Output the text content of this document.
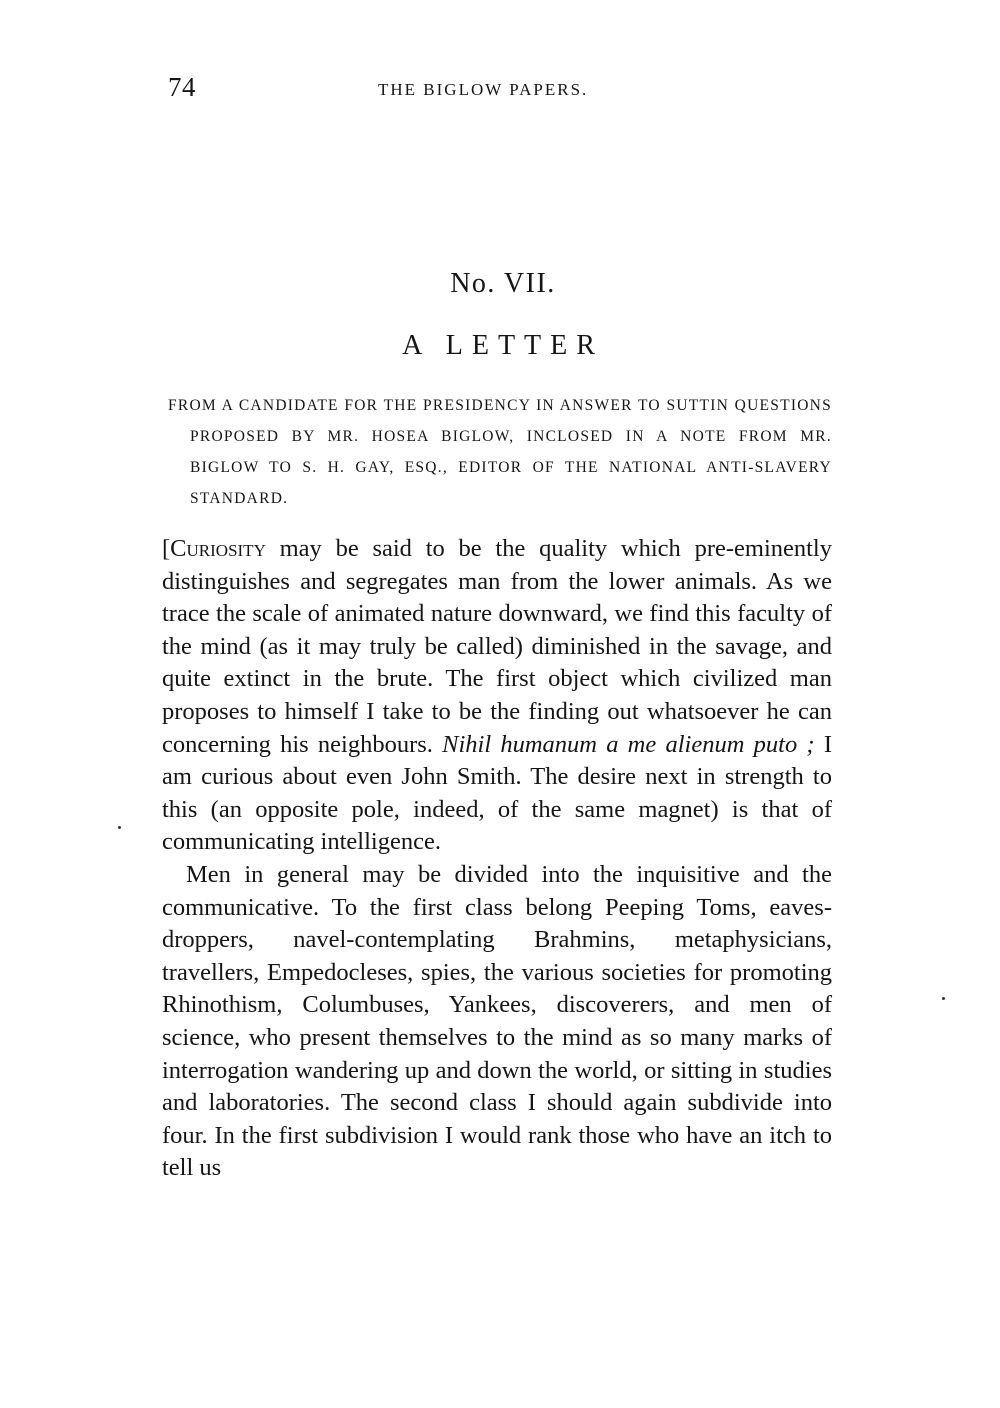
74	THE BIGLOW PAPERS.
No. VII.
A LETTER

FROM A CANDIDATE FOR THE PRESIDENCY IN ANSWER TO SUTTIN QUESTIONS PROPOSED BY MR. HOSEA BIGLOW, INCLOSED IN A NOTE FROM MR. BIGLOW TO S. H. GAY, ESQ., EDITOR OF THE NATIONAL ANTI-SLAVERY STANDARD.

[Curiosity may be said to be the quality which pre-eminently distinguishes and segregates man from the lower animals. As we trace the scale of animated nature downward, we find this faculty of the mind (as it may truly be called) diminished in the savage, and quite extinct in the brute. The first object which civilized man proposes to himself I take to be the finding out whatsoever he can concerning his neighbours. Nihil humanum a me alienum puto ; I am curious about even John Smith. The desire next in strength to this (an opposite pole, indeed, of the same magnet) is that of communicating intelligence.

Men in general may be divided into the inquisitive and the communicative. To the first class belong Peeping Toms, eaves-droppers, navel-contemplating Brahmins, metaphysicians, travellers, Empedocleses, spies, the various societies for promoting Rhinothism, Columbuses, Yankees, discoverers, and men of science, who present themselves to the mind as so many marks of interrogation wandering up and down the world, or sitting in studies and laboratories. The second class I should again subdivide into four. In the first subdivision I would rank those who have an itch to tell us
